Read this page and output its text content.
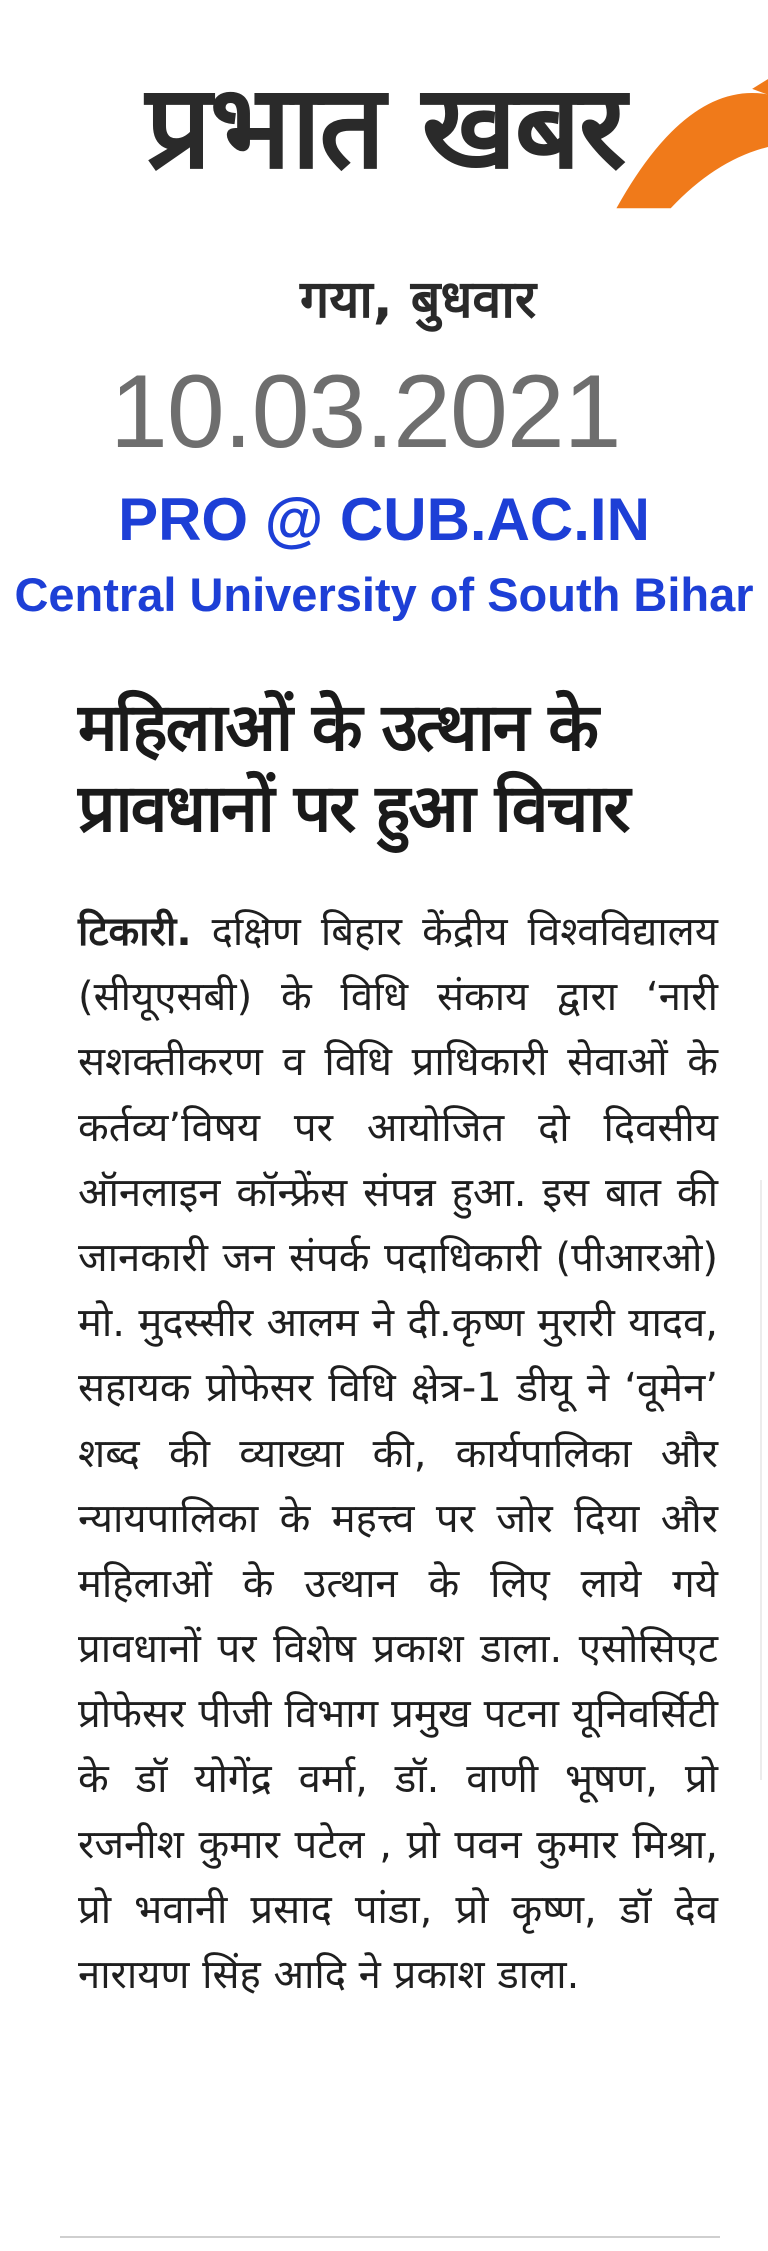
प्रभात खबर
गया, बुधवार
10.03.2021
PRO @ CUB.AC.IN
Central University of South Bihar
महिलाओं के उत्थान के
प्रावधानों पर हुआ विचार
टिकारी. दक्षिण बिहार केंद्रीय विश्वविद्यालय (सीयूएसबी) के विधि संकाय द्वारा ‘नारी सशक्तीकरण व विधि प्राधिकारी सेवाओं के कर्तव्य’विषय पर आयोजित दो दिवसीय ऑनलाइन कॉन्फ्रेंस संपन्न हुआ. इस बात की जानकारी जन संपर्क पदाधिकारी (पीआरओ) मो. मुदस्सीर आलम ने दी.कृष्ण मुरारी यादव, सहायक प्रोफेसर विधि क्षेत्र-1 डीयू ने ‘वूमेन’ शब्द की व्याख्या की, कार्यपालिका और न्यायपालिका के महत्त्व पर जोर दिया और महिलाओं के उत्थान के लिए लाये गये प्रावधानों पर विशेष प्रकाश डाला. एसोसिएट प्रोफेसर पीजी विभाग प्रमुख पटना यूनिवर्सिटी के डॉ योगेंद्र वर्मा, डॉ. वाणी भूषण, प्रो रजनीश कुमार पटेल , प्रो पवन कुमार मिश्रा, प्रो भवानी प्रसाद पांडा, प्रो कृष्ण, डॉ देव नारायण सिंह आदि ने प्रकाश डाला.
